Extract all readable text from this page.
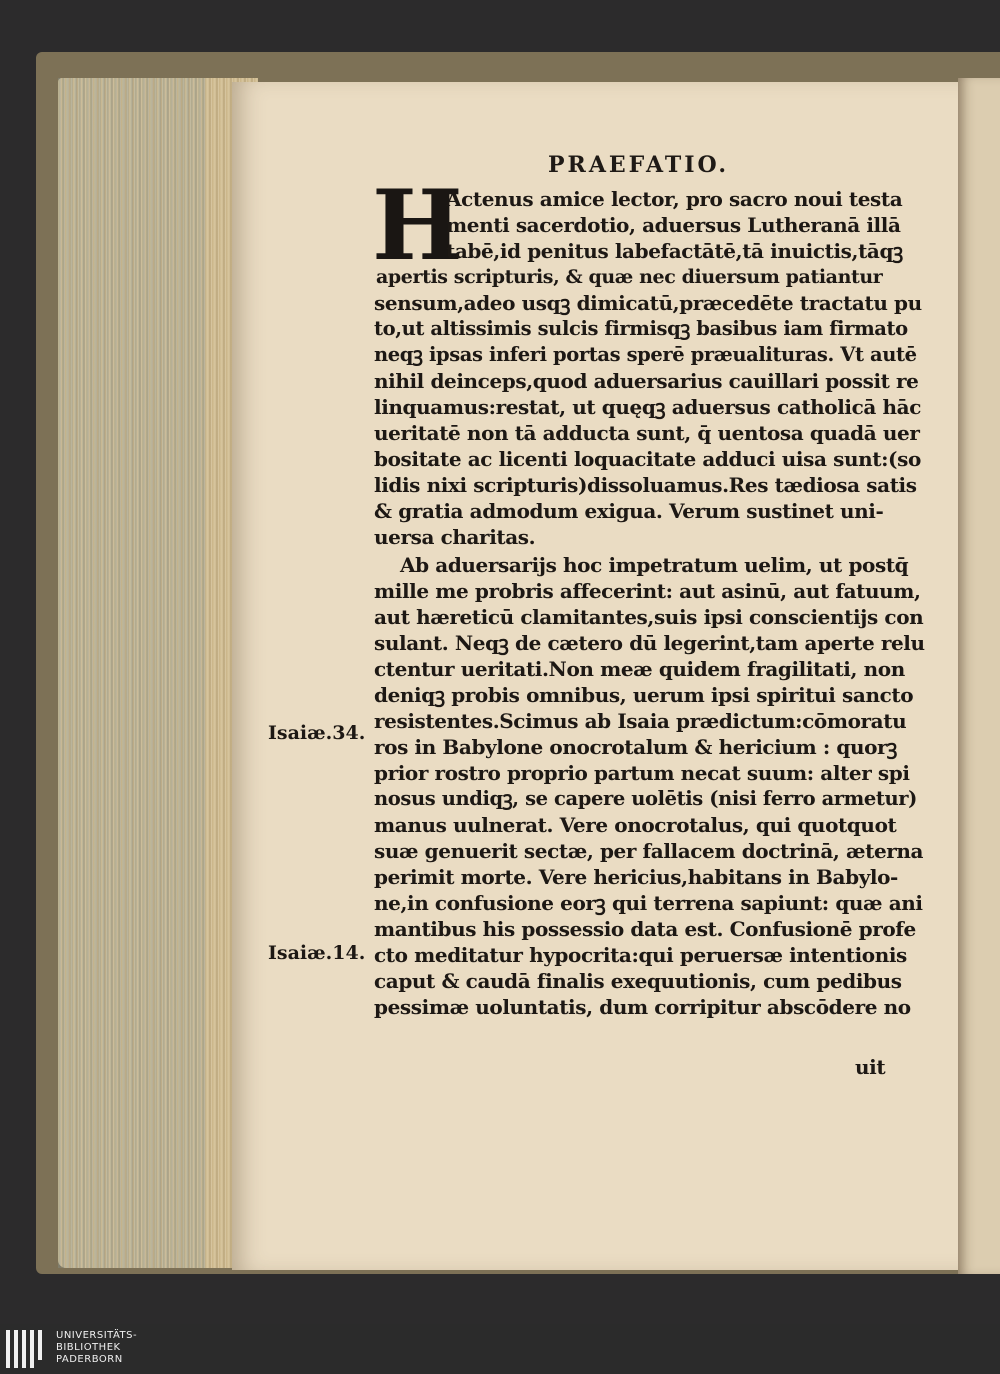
PRAEFATIO.
H
Actenus amice lector, pro sacro noui testa
menti sacerdotio, aduersus Lutheranā illā
tabē,id penitus labefactātē,tā inuictis,tāqꝫ
apertis scripturis, & quæ nec diuersum patiantur
sensum,adeo usqꝫ dimicatū,præcedēte tractatu pu
to,ut altissimis sulcis firmisqꝫ basibus iam firmato
neqꝫ ipsas inferi portas sperē præualituras. Vt autē
nihil deinceps,quod aduersarius cauillari possit re
linquamus:restat, ut quęqꝫ aduersus catholicā hāc
ueritatē non tā adducta sunt, q̄ uentosa quadā uer
bositate ac licenti loquacitate adduci uisa sunt:(so
lidis nixi scripturis)dissoluamus.Res tædiosa satis
& gratia admodum exigua. Verum sustinet uni-
uersa charitas.
Ab aduersarijs hoc impetratum uelim, ut postq̄
mille me probris affecerint: aut asinū, aut fatuum,
aut hæreticū clamitantes,suis ipsi conscientijs con
sulant. Neqꝫ de cætero dū legerint,tam aperte relu
ctentur ueritati.Non meæ quidem fragilitati, non
deniqꝫ probis omnibus, uerum ipsi spiritui sancto
resistentes.Scimus ab Isaia prædictum:cōmoratu
ros in Babylone onocrotalum & hericium : quorꝫ
prior rostro proprio partum necat suum: alter spi
nosus undiqꝫ, se capere uolētis (nisi ferro armetur)
manus uulnerat. Vere onocrotalus, qui quotquot
suæ genuerit sectæ, per fallacem doctrinā, æterna
perimit morte. Vere hericius,habitans in Babylo-
ne,in confusione eorꝫ qui terrena sapiunt: quæ ani
mantibus his possessio data est. Confusionē profe
cto meditatur hypocrita:qui peruersæ intentionis
caput & caudā finalis exequutionis, cum pedibus
pessimæ uoluntatis, dum corripitur abscōdere no
uit
Isaiæ.34.
Isaiæ.14.
UNIVERSITÄTS-
BIBLIOTHEK
PADERBORN
